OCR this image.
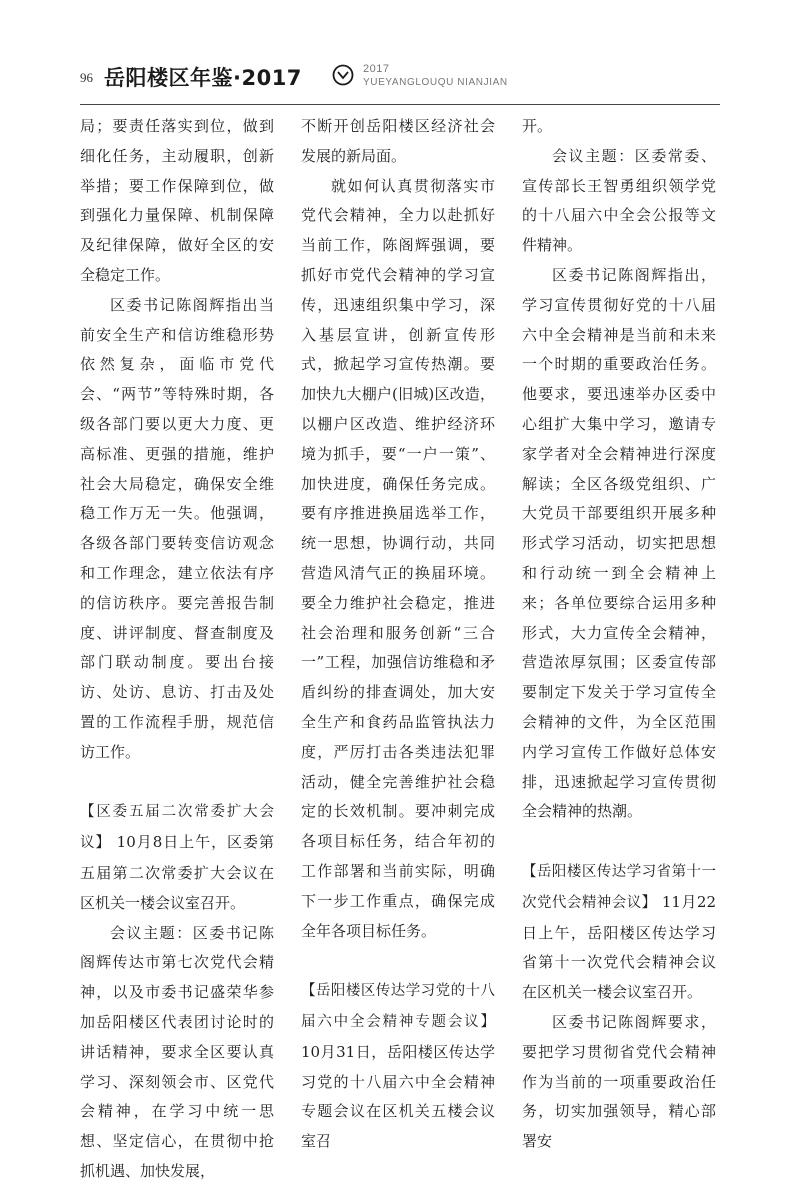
96 岳阳楼区年鉴·2017	2017
YUEYANGLOUQU NIANJIAN

局；要责任落实到位，做到细化任务，主动履职，创新举措；要工作保障到位，做到强化力量保障、机制保障及纪律保障，做好全区的安全稳定工作。

区委书记陈阁辉指出当前安全生产和信访维稳形势依然复杂，面临市党代会、“两节”等特殊时期，各级各部门要以更大力度、更高标准、更强的措施，维护社会大局稳定，确保安全维稳工作万无一失。他强调，各级各部门要转变信访观念和工作理念，建立依法有序的信访秩序。要完善报告制度、讲评制度、督查制度及部门联动制度。要出台接访、处访、息访、打击及处置的工作流程手册，规范信访工作。

【区委五届二次常委扩大会议】 10月8日上午，区委第五届第二次常委扩大会议在区机关一楼会议室召开。

会议主题：区委书记陈阁辉传达市第七次党代会精神，以及市委书记盛荣华参加岳阳楼区代表团讨论时的讲话精神，要求全区要认真学习、深刻领会市、区党代会精神，在学习中统一思想、坚定信心，在贯彻中抢抓机遇、加快发展，

不断开创岳阳楼区经济社会发展的新局面。

就如何认真贯彻落实市党代会精神，全力以赴抓好当前工作，陈阁辉强调，要抓好市党代会精神的学习宣传，迅速组织集中学习，深入基层宣讲，创新宣传形式，掀起学习宣传热潮。要加快九大棚户(旧城)区改造，以棚户区改造、维护经济环境为抓手，要“一户一策”、加快进度，确保任务完成。要有序推进换届选举工作，统一思想，协调行动，共同营造风清气正的换届环境。要全力维护社会稳定，推进社会治理和服务创新“三合一”工程，加强信访维稳和矛盾纠纷的排查调处，加大安全生产和食药品监管执法力度，严厉打击各类违法犯罪活动，健全完善维护社会稳定的长效机制。要冲刺完成各项目标任务，结合年初的工作部署和当前实际，明确下一步工作重点，确保完成全年各项目标任务。

【岳阳楼区传达学习党的十八届六中全会精神专题会议】 10月31日，岳阳楼区传达学习党的十八届六中全会精神专题会议在区机关五楼会议室召

开。

会议主题：区委常委、宣传部长王智勇组织领学党的十八届六中全会公报等文件精神。

区委书记陈阁辉指出，学习宣传贯彻好党的十八届六中全会精神是当前和未来一个时期的重要政治任务。他要求，要迅速举办区委中心组扩大集中学习，邀请专家学者对全会精神进行深度解读；全区各级党组织、广大党员干部要组织开展多种形式学习活动，切实把思想和行动统一到全会精神上来；各单位要综合运用多种形式，大力宣传全会精神，营造浓厚氛围；区委宣传部要制定下发关于学习宣传全会精神的文件，为全区范围内学习宣传工作做好总体安排，迅速掀起学习宣传贯彻全会精神的热潮。

【岳阳楼区传达学习省第十一次党代会精神会议】 11月22日上午，岳阳楼区传达学习省第十一次党代会精神会议在区机关一楼会议室召开。

区委书记陈阁辉要求，要把学习贯彻省党代会精神作为当前的一项重要政治任务，切实加强领导，精心部署安
